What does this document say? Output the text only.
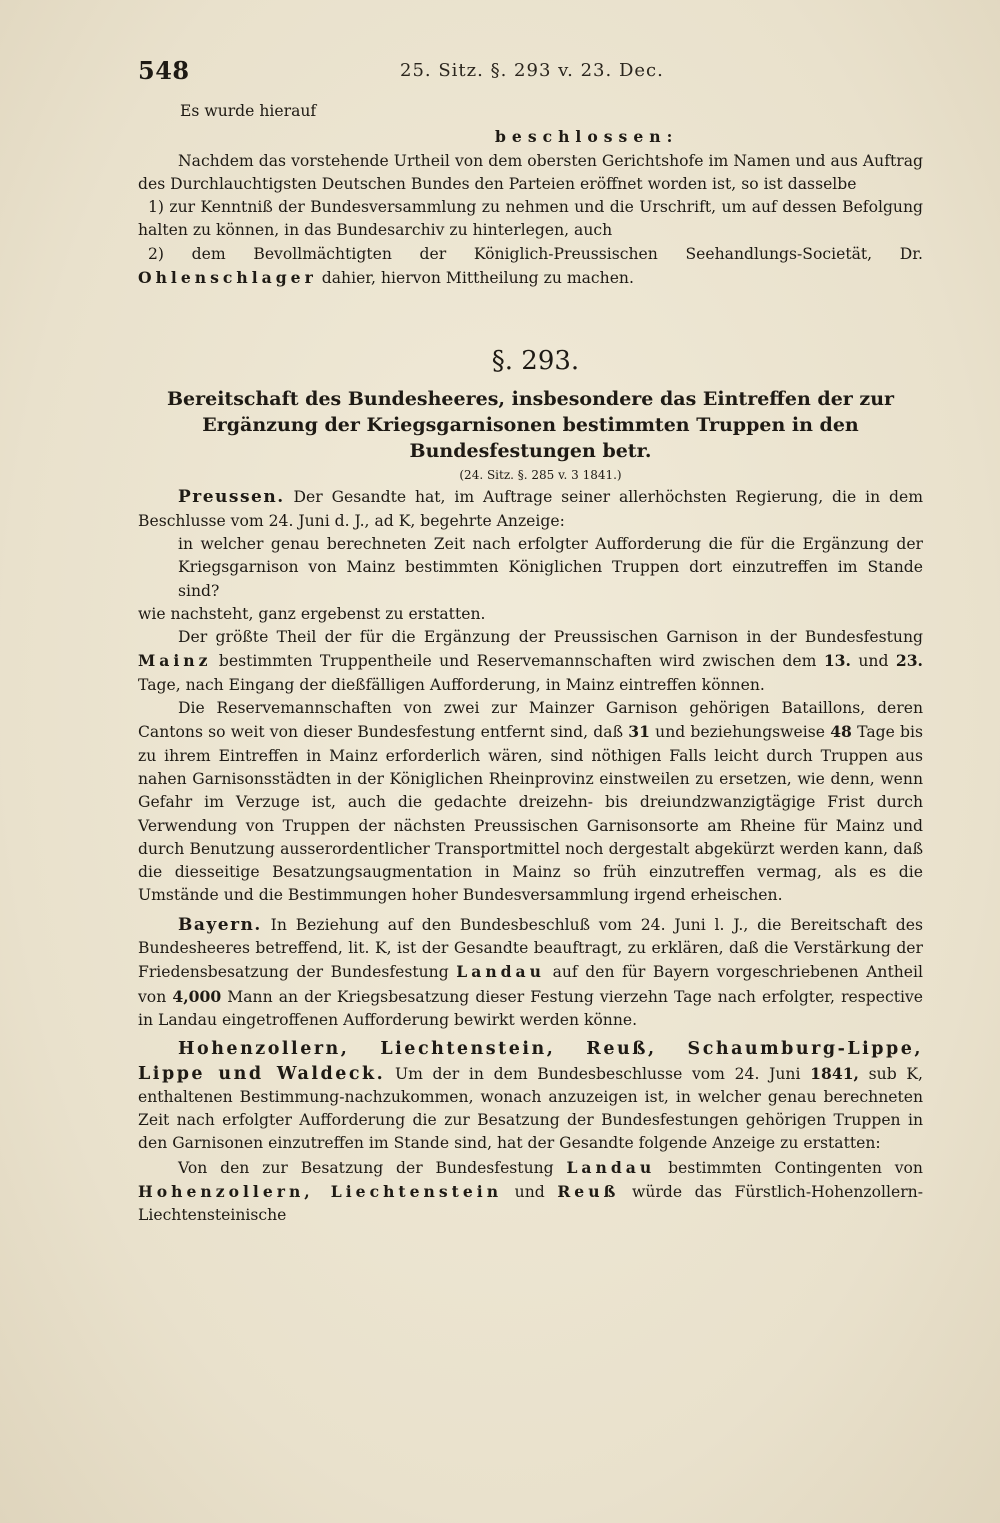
548	25. Sitz. §. 293 v. 23. Dec.

Es wurde hierauf

beschlossen:

Nachdem das vorstehende Urtheil von dem obersten Gerichtshofe im Namen und aus Auftrag des Durchlauchtigsten Deutschen Bundes den Parteien eröffnet worden ist, so ist dasselbe

1) zur Kenntniß der Bundesversammlung zu nehmen und die Urschrift, um auf dessen Befolgung halten zu können, in das Bundesarchiv zu hinterlegen, auch

2) dem Bevollmächtigten der Königlich-Preussischen Seehandlungs-Societät, Dr. Ohlenschlager dahier, hiervon Mittheilung zu machen.

§. 293.

Bereitschaft des Bundesheeres, insbesondere das Eintreffen der zur Ergänzung der Kriegsgarnisonen bestimmten Truppen in den Bundesfestungen betr.

(24. Sitz. §. 285 v. 3 1841.)

Preussen. Der Gesandte hat, im Auftrage seiner allerhöchsten Regierung, die in dem Beschlusse vom 24. Juni d. J., ad K, begehrte Anzeige:

in welcher genau berechneten Zeit nach erfolgter Aufforderung die für die Ergänzung der Kriegsgarnison von Mainz bestimmten Königlichen Truppen dort einzutreffen im Stande sind?

wie nachsteht, ganz ergebenst zu erstatten.

Der größte Theil der für die Ergänzung der Preussischen Garnison in der Bundesfestung Mainz bestimmten Truppentheile und Reservemannschaften wird zwischen dem 13. und 23. Tage, nach Eingang der dießfälligen Aufforderung, in Mainz eintreffen können.

Die Reservemannschaften von zwei zur Mainzer Garnison gehörigen Bataillons, deren Cantons so weit von dieser Bundesfestung entfernt sind, daß 31 und beziehungsweise 48 Tage bis zu ihrem Eintreffen in Mainz erforderlich wären, sind nöthigen Falls leicht durch Truppen aus nahen Garnisonsstädten in der Königlichen Rheinprovinz einstweilen zu ersetzen, wie denn, wenn Gefahr im Verzuge ist, auch die gedachte dreizehn- bis dreiundzwanzigtägige Frist durch Verwendung von Truppen der nächsten Preussischen Garnisonsorte am Rheine für Mainz und durch Benutzung ausserordentlicher Transportmittel noch dergestalt abgekürzt werden kann, daß die diesseitige Besatzungsaugmentation in Mainz so früh einzutreffen vermag, als es die Umstände und die Bestimmungen hoher Bundesversammlung irgend erheischen.

Bayern. In Beziehung auf den Bundesbeschluß vom 24. Juni l. J., die Bereitschaft des Bundesheeres betreffend, lit. K, ist der Gesandte beauftragt, zu erklären, daß die Verstärkung der Friedensbesatzung der Bundesfestung Landau auf den für Bayern vorgeschriebenen Antheil von 4,000 Mann an der Kriegsbesatzung dieser Festung vierzehn Tage nach erfolgter, respective in Landau eingetroffenen Aufforderung bewirkt werden könne.

Hohenzollern, Liechtenstein, Reuß, Schaumburg-Lippe, Lippe und Waldeck. Um der in dem Bundesbeschlusse vom 24. Juni 1841, sub K, enthaltenen Bestimmung-nachzukommen, wonach anzuzeigen ist, in welcher genau berechneten Zeit nach erfolgter Aufforderung die zur Besatzung der Bundesfestungen gehörigen Truppen in den Garnisonen einzutreffen im Stande sind, hat der Gesandte folgende Anzeige zu erstatten:

Von den zur Besatzung der Bundesfestung Landau bestimmten Contingenten von Hohenzollern, Liechtenstein und Reuß würde das Fürstlich-Hohenzollern-Liechtensteinische
